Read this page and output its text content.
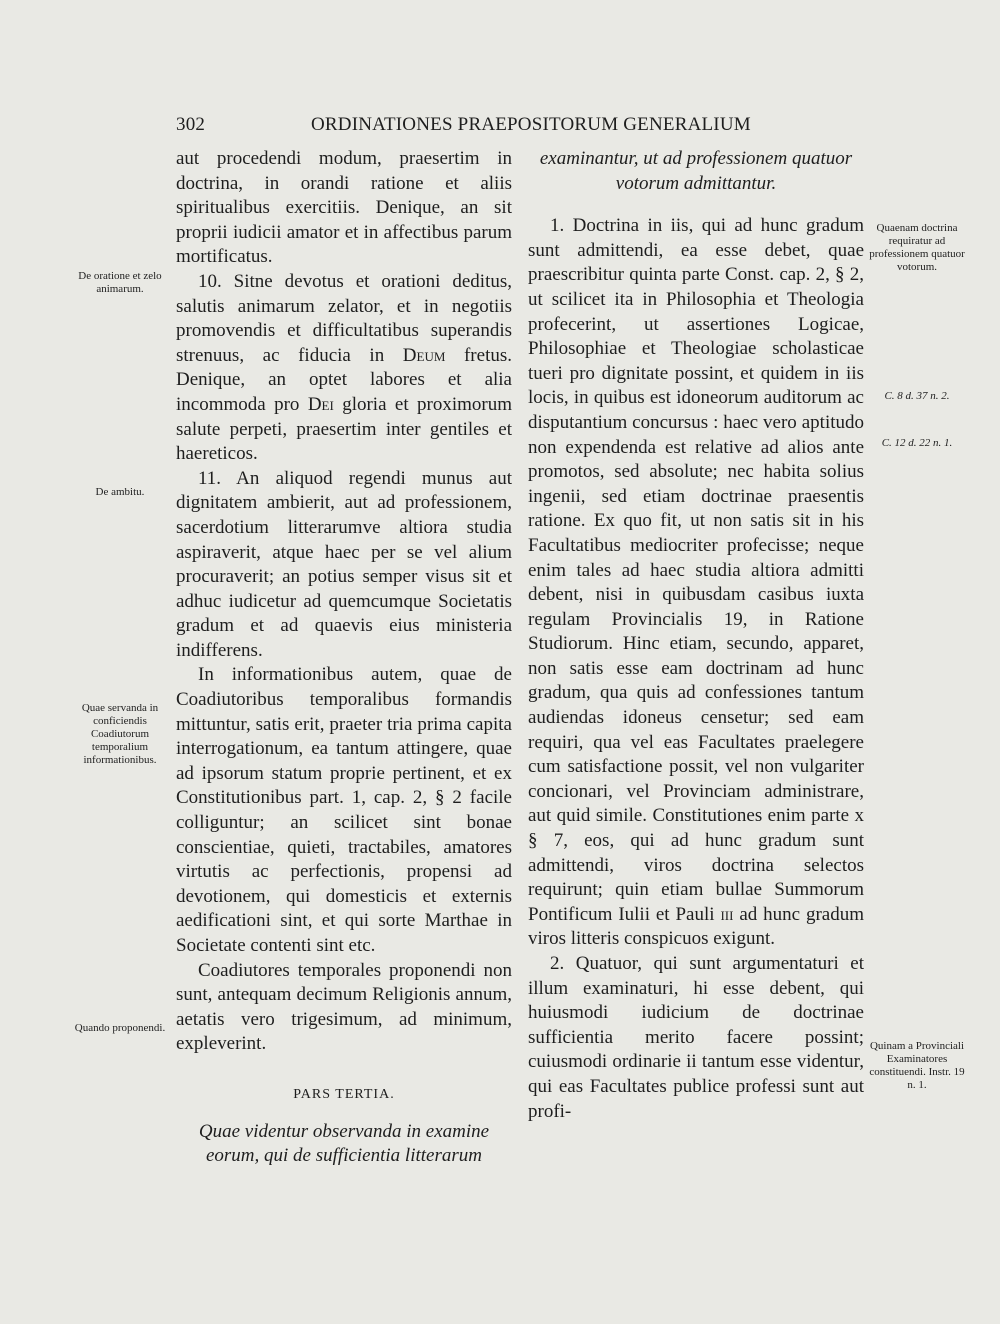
302	ORDINATIONES PRAEPOSITORUM GENERALIUM
De oratione et zelo animarum.
De ambitu.
Quae servanda in conficiendis Coadiutorum temporalium informationibus.
Quando proponendi.
Quaenam doctrina requiratur ad professionem quatuor votorum.
C. 8 d. 37 n. 2.
C. 12 d. 22 n. 1.
Quinam a Provinciali Examinatores constituendi. Instr. 19 n. 1.

aut procedendi modum, praesertim in doctrina, in orandi ratione et aliis spiritualibus exercitiis. Denique, an sit proprii iudicii amator et in affectibus parum mortificatus.

10. Sitne devotus et orationi deditus, salutis animarum zelator, et in negotiis promovendis et difficultatibus superandis strenuus, ac fiducia in Deum fretus. Denique, an optet labores et alia incommoda pro Dei gloria et proximorum salute perpeti, praesertim inter gentiles et haereticos.

11. An aliquod regendi munus aut dignitatem ambierit, aut ad professionem, sacerdotium litterarumve altiora studia aspiraverit, atque haec per se vel alium procuraverit; an potius semper visus sit et adhuc iudicetur ad quemcumque Societatis gradum et ad quaevis eius ministeria indifferens.

In informationibus autem, quae de Coadiutoribus temporalibus formandis mittuntur, satis erit, praeter tria prima capita interrogationum, ea tantum attingere, quae ad ipsorum statum proprie pertinent, et ex Constitutionibus part. 1, cap. 2, § 2 facile colliguntur; an scilicet sint bonae conscientiae, quieti, tractabiles, amatores virtutis ac perfectionis, propensi ad devotionem, qui domesticis et externis aedificationi sint, et qui sorte Marthae in Societate contenti sint etc.

Coadiutores temporales proponendi non sunt, antequam decimum Religionis annum, aetatis vero trigesimum, ad minimum, expleverint.

PARS TERTIA.

Quae videntur observanda in examine eorum, qui de sufficientia litterarum

examinantur, ut ad professionem quatuor votorum admittantur.

1. Doctrina in iis, qui ad hunc gradum sunt admittendi, ea esse debet, quae praescribitur quinta parte Const. cap. 2, § 2, ut scilicet ita in Philosophia et Theologia profecerint, ut assertiones Logicae, Philosophiae et Theologiae scholasticae tueri pro dignitate possint, et quidem in iis locis, in quibus est idoneorum auditorum ac disputantium concursus : haec vero aptitudo non expendenda est relative ad alios ante promotos, sed absolute; nec habita solius ingenii, sed etiam doctrinae praesentis ratione. Ex quo fit, ut non satis sit in his Facultatibus mediocriter profecisse; neque enim tales ad haec studia altiora admitti debent, nisi in quibusdam casibus iuxta regulam Provincialis 19, in Ratione Studiorum. Hinc etiam, secundo, apparet, non satis esse eam doctrinam ad hunc gradum, qua quis ad confessiones tantum audiendas idoneus censetur; sed eam requiri, qua vel eas Facultates praelegere cum satisfactione possit, vel non vulgariter concionari, vel Provinciam administrare, aut quid simile. Constitutiones enim parte x § 7, eos, qui ad hunc gradum sunt admittendi, viros doctrina selectos requirunt; quin etiam bullae Summorum Pontificum Iulii et Pauli iii ad hunc gradum viros litteris conspicuos exigunt.

2. Quatuor, qui sunt argumentaturi et illum examinaturi, hi esse debent, qui huiusmodi iudicium de doctrinae sufficientia merito facere possint; cuiusmodi ordinarie ii tantum esse videntur, qui eas Facultates publice professi sunt aut profi-
